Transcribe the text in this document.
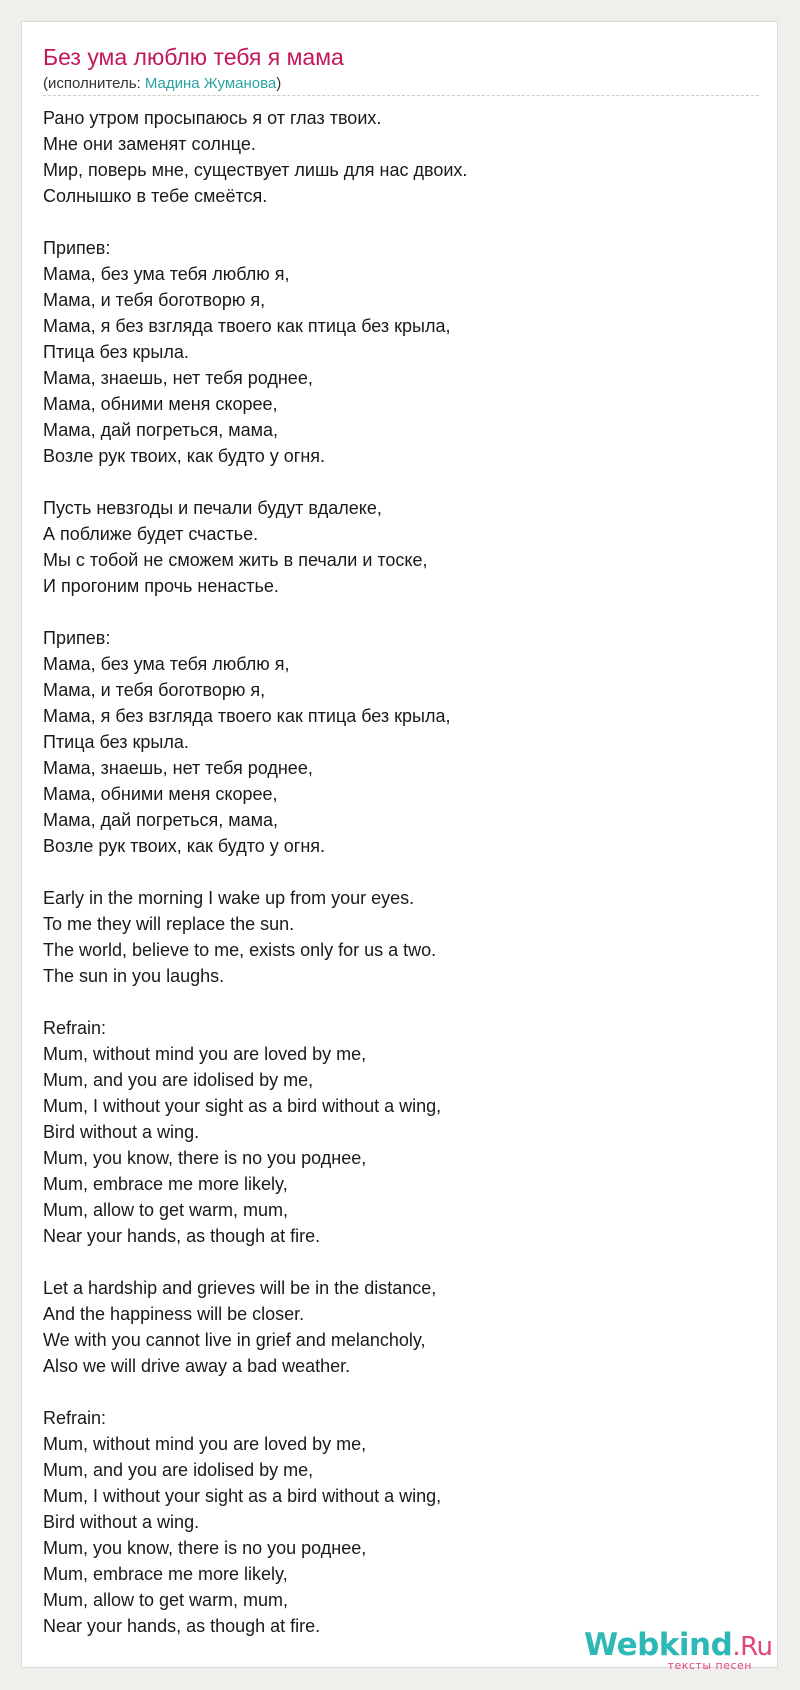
Без ума люблю тебя я мама
(исполнитель: Мадина Жуманова)
Рано утром просыпаюсь я от глаз твоих.
Мне они заменят солнце.
Мир, поверь мне, существует лишь для нас двоих.
Солнышко в тебе смеётся.
Припев:
Мама, без ума тебя люблю я,
Мама, и тебя боготворю я,
Мама, я без взгляда твоего как птица без крыла,
Птица без крыла.
Мама, знаешь, нет тебя роднее,
Мама, обними меня скорее,
Мама, дай погреться, мама,
Возле рук твоих, как будто у огня.
Пусть невзгоды и печали будут вдалеке,
А поближе будет счастье.
Мы с тобой не сможем жить в печали и тоске,
И прогоним прочь ненастье.
Припев:
Мама, без ума тебя люблю я,
Мама, и тебя боготворю я,
Мама, я без взгляда твоего как птица без крыла,
Птица без крыла.
Мама, знаешь, нет тебя роднее,
Мама, обними меня скорее,
Мама, дай погреться, мама,
Возле рук твоих, как будто у огня.
Early in the morning I wake up from your eyes.
To me they will replace the sun.
The world, believe to me, exists only for us a two.
The sun in you laughs.
Refrain:
Mum, without mind you are loved by me,
Mum, and you are idolised by me,
Mum, I without your sight as a bird without a wing,
Bird without a wing.
Mum, you know, there is no you роднее,
Mum, embrace me more likely,
Mum, allow to get warm, mum,
Near your hands, as though at fire.
Let a hardship and grieves will be in the distance,
And the happiness will be closer.
We with you cannot live in grief and melancholy,
Also we will drive away a bad weather.
Refrain:
Mum, without mind you are loved by me,
Mum, and you are idolised by me,
Mum, I without your sight as a bird without a wing,
Bird without a wing.
Mum, you know, there is no you роднее,
Mum, embrace me more likely,
Mum, allow to get warm, mum,
Near your hands, as though at fire.
Webkind.Ru
тексты песен
